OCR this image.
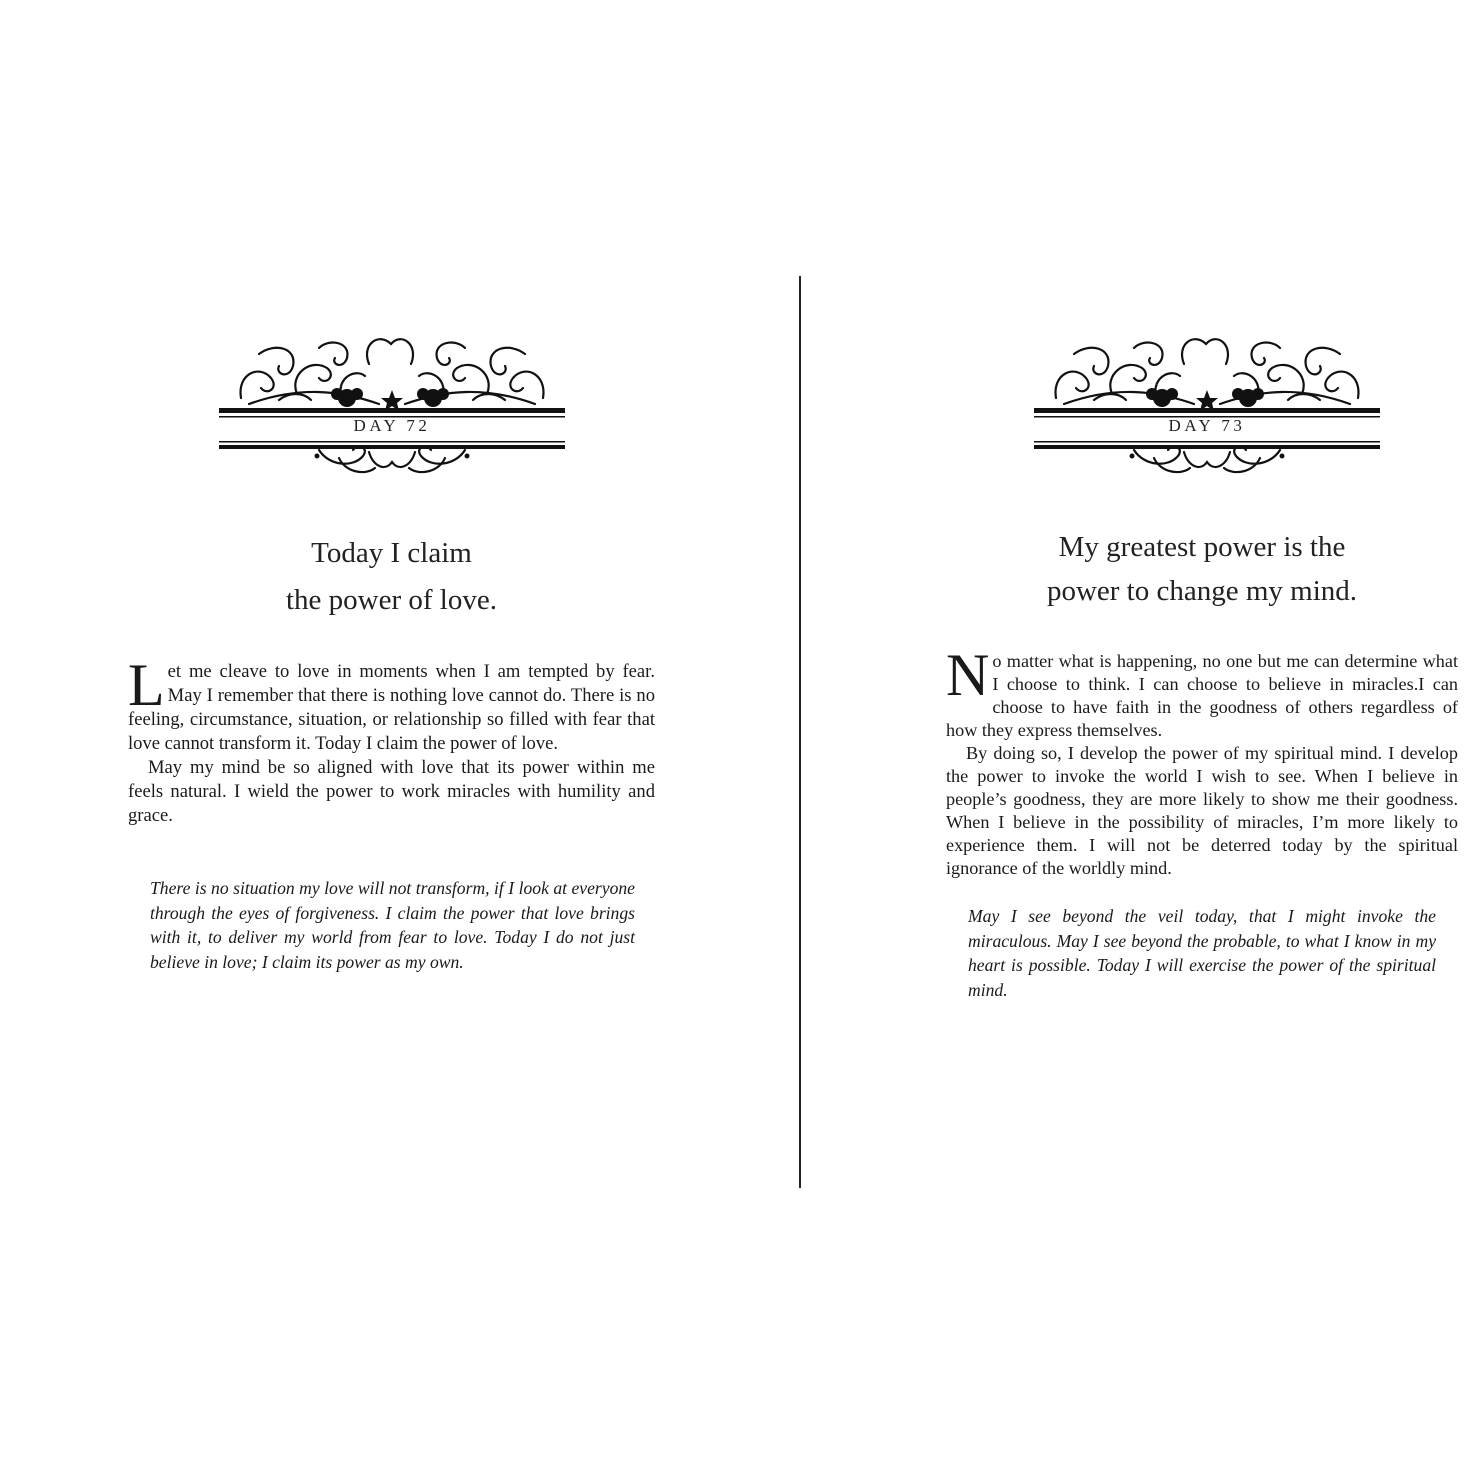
DAY 72
Today I claim
the power of love.

Let me cleave to love in moments when I am tempted by fear. May I remember that there is nothing love cannot do. There is no feeling, circumstance, situation, or relationship so filled with fear that love cannot transform it. Today I claim the power of love.

May my mind be so aligned with love that its power within me feels natural. I wield the power to work miracles with humility and grace.

There is no situation my love will not transform, if I look at everyone through the eyes of forgiveness. I claim the power that love brings with it, to deliver my world from fear to love. Today I do not just believe in love; I claim its power as my own.
DAY 73
My greatest power is the
power to change my mind.

No matter what is happening, no one but me can determine what I choose to think. I can choose to believe in miracles.I can choose to have faith in the goodness of others regardless of how they express themselves.

By doing so, I develop the power of my spiritual mind. I develop the power to invoke the world I wish to see. When I believe in people’s goodness, they are more likely to show me their goodness. When I believe in the possibility of miracles, I’m more likely to experience them. I will not be deterred today by the spiritual ignorance of the worldly mind.

May I see beyond the veil today, that I might invoke the miraculous. May I see beyond the probable, to what I know in my heart is possible. Today I will exercise the power of the spiritual mind.
